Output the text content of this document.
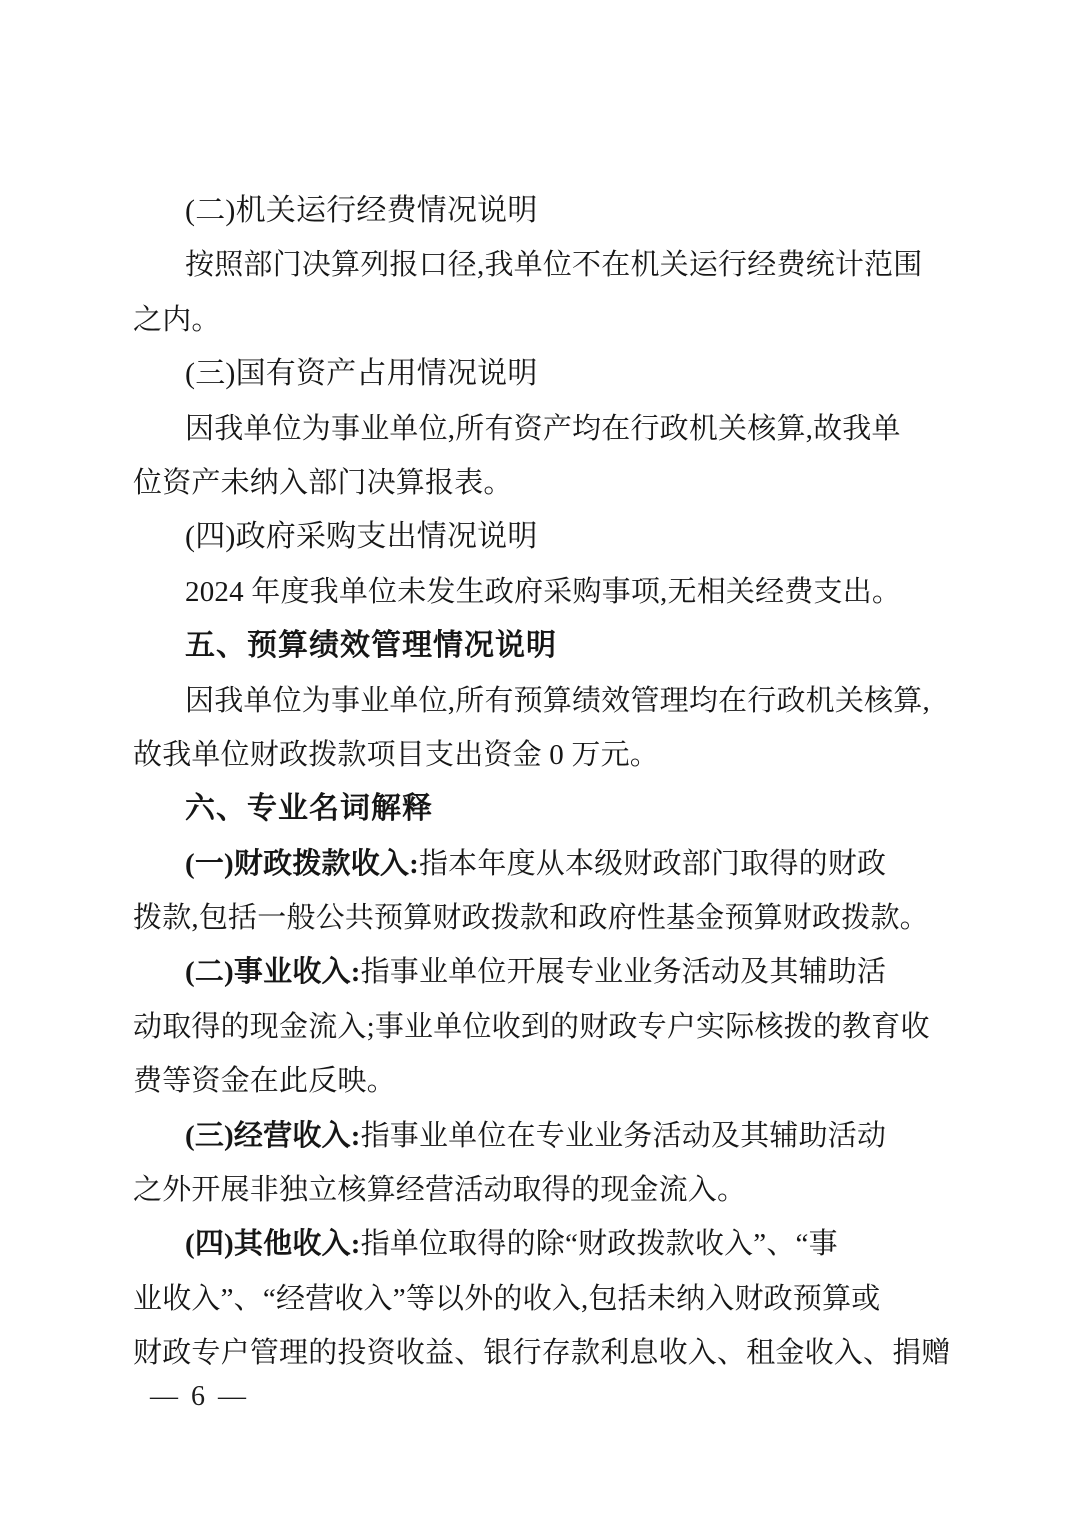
(二)机关运行经费情况说明
按照部门决算列报口径,我单位不在机关运行经费统计范围
之内。
(三)国有资产占用情况说明
因我单位为事业单位,所有资产均在行政机关核算,故我单
位资产未纳入部门决算报表。
(四)政府采购支出情况说明
2024 年度我单位未发生政府采购事项,无相关经费支出。
五、预算绩效管理情况说明
因我单位为事业单位,所有预算绩效管理均在行政机关核算,
故我单位财政拨款项目支出资金 0 万元。
六、专业名词解释
(一)财政拨款收入:指本年度从本级财政部门取得的财政
拨款,包括一般公共预算财政拨款和政府性基金预算财政拨款。
(二)事业收入:指事业单位开展专业业务活动及其辅助活
动取得的现金流入;事业单位收到的财政专户实际核拨的教育收
费等资金在此反映。
(三)经营收入:指事业单位在专业业务活动及其辅助活动
之外开展非独立核算经营活动取得的现金流入。
(四)其他收入:指单位取得的除“财政拨款收入”、“事
业收入”、“经营收入”等以外的收入,包括未纳入财政预算或
财政专户管理的投资收益、银行存款利息收入、租金收入、捐赠
— 6 —
